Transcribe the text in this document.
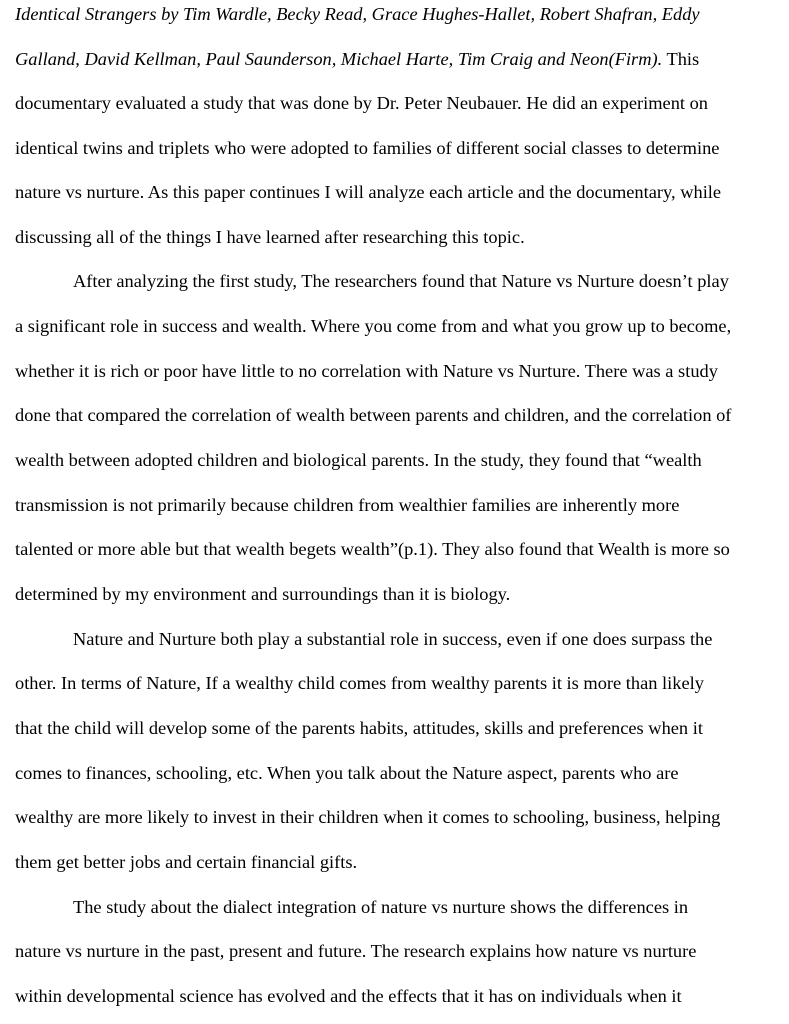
Identical Strangers by Tim Wardle, Becky Read, Grace Hughes-Hallet, Robert Shafran, Eddy
Galland, David Kellman, Paul Saunderson, Michael Harte, Tim Craig and Neon(Firm). This
documentary evaluated a study that was done by Dr. Peter Neubauer. He did an experiment on
identical twins and triplets who were adopted to families of different social classes to determine
nature vs nurture. As this paper continues I will analyze each article and the documentary, while
discussing all of the things I have learned after researching this topic.
After analyzing the first study, The researchers found that Nature vs Nurture doesn’t play
a significant role in success and wealth. Where you come from and what you grow up to become,
whether it is rich or poor have little to no correlation with Nature vs Nurture. There was a study
done that compared the correlation of wealth between parents and children, and the correlation of
wealth between adopted children and biological parents. In the study, they found that “wealth
transmission is not primarily because children from wealthier families are inherently more
talented or more able but that wealth begets wealth”(p.1). They also found that Wealth is more so
determined by my environment and surroundings than it is biology.
Nature and Nurture both play a substantial role in success, even if one does surpass the
other. In terms of Nature, If a wealthy child comes from wealthy parents it is more than likely
that the child will develop some of the parents habits, attitudes, skills and preferences when it
comes to finances, schooling, etc. When you talk about the Nature aspect, parents who are
wealthy are more likely to invest in their children when it comes to schooling, business, helping
them get better jobs and certain financial gifts.
The study about the dialect integration of nature vs nurture shows the differences in
nature vs nurture in the past, present and future. The research explains how nature vs nurture
within developmental science has evolved and the effects that it has on individuals when it
